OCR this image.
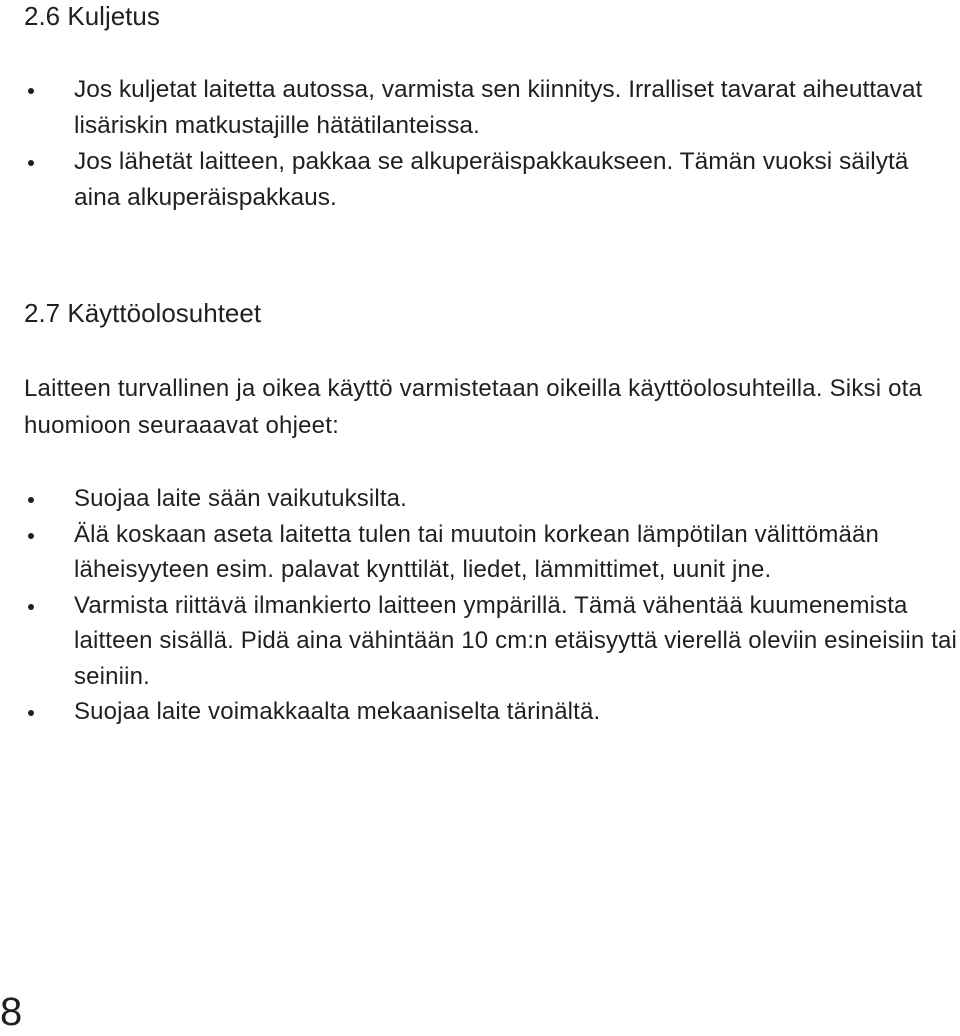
2.6 Kuljetus
Jos kuljetat laitetta autossa, varmista sen kiinnitys. Irralliset tavarat aiheuttavat lisäriskin matkustajille hätätilanteissa.
Jos lähetät laitteen, pakkaa se alkuperäispakkaukseen. Tämän vuoksi säilytä aina alkuperäispakkaus.
2.7 Käyttöolosuhteet

Laitteen turvallinen ja oikea käyttö varmistetaan oikeilla käyttöolosuhteilla. Siksi ota huomioon seuraaavat ohjeet:

Suojaa laite sään vaikutuksilta.
Älä koskaan aseta laitetta tulen tai muutoin korkean lämpötilan välittömään läheisyyteen esim. palavat kynttilät, liedet, lämmittimet, uunit jne.
Varmista riittävä ilmankierto laitteen ympärillä. Tämä vähentää kuumenemista laitteen sisällä. Pidä aina vähintään 10 cm:n etäisyyttä vierellä oleviin esineisiin tai seiniin.
Suojaa laite voimakkaalta mekaaniselta tärinältä.

8
